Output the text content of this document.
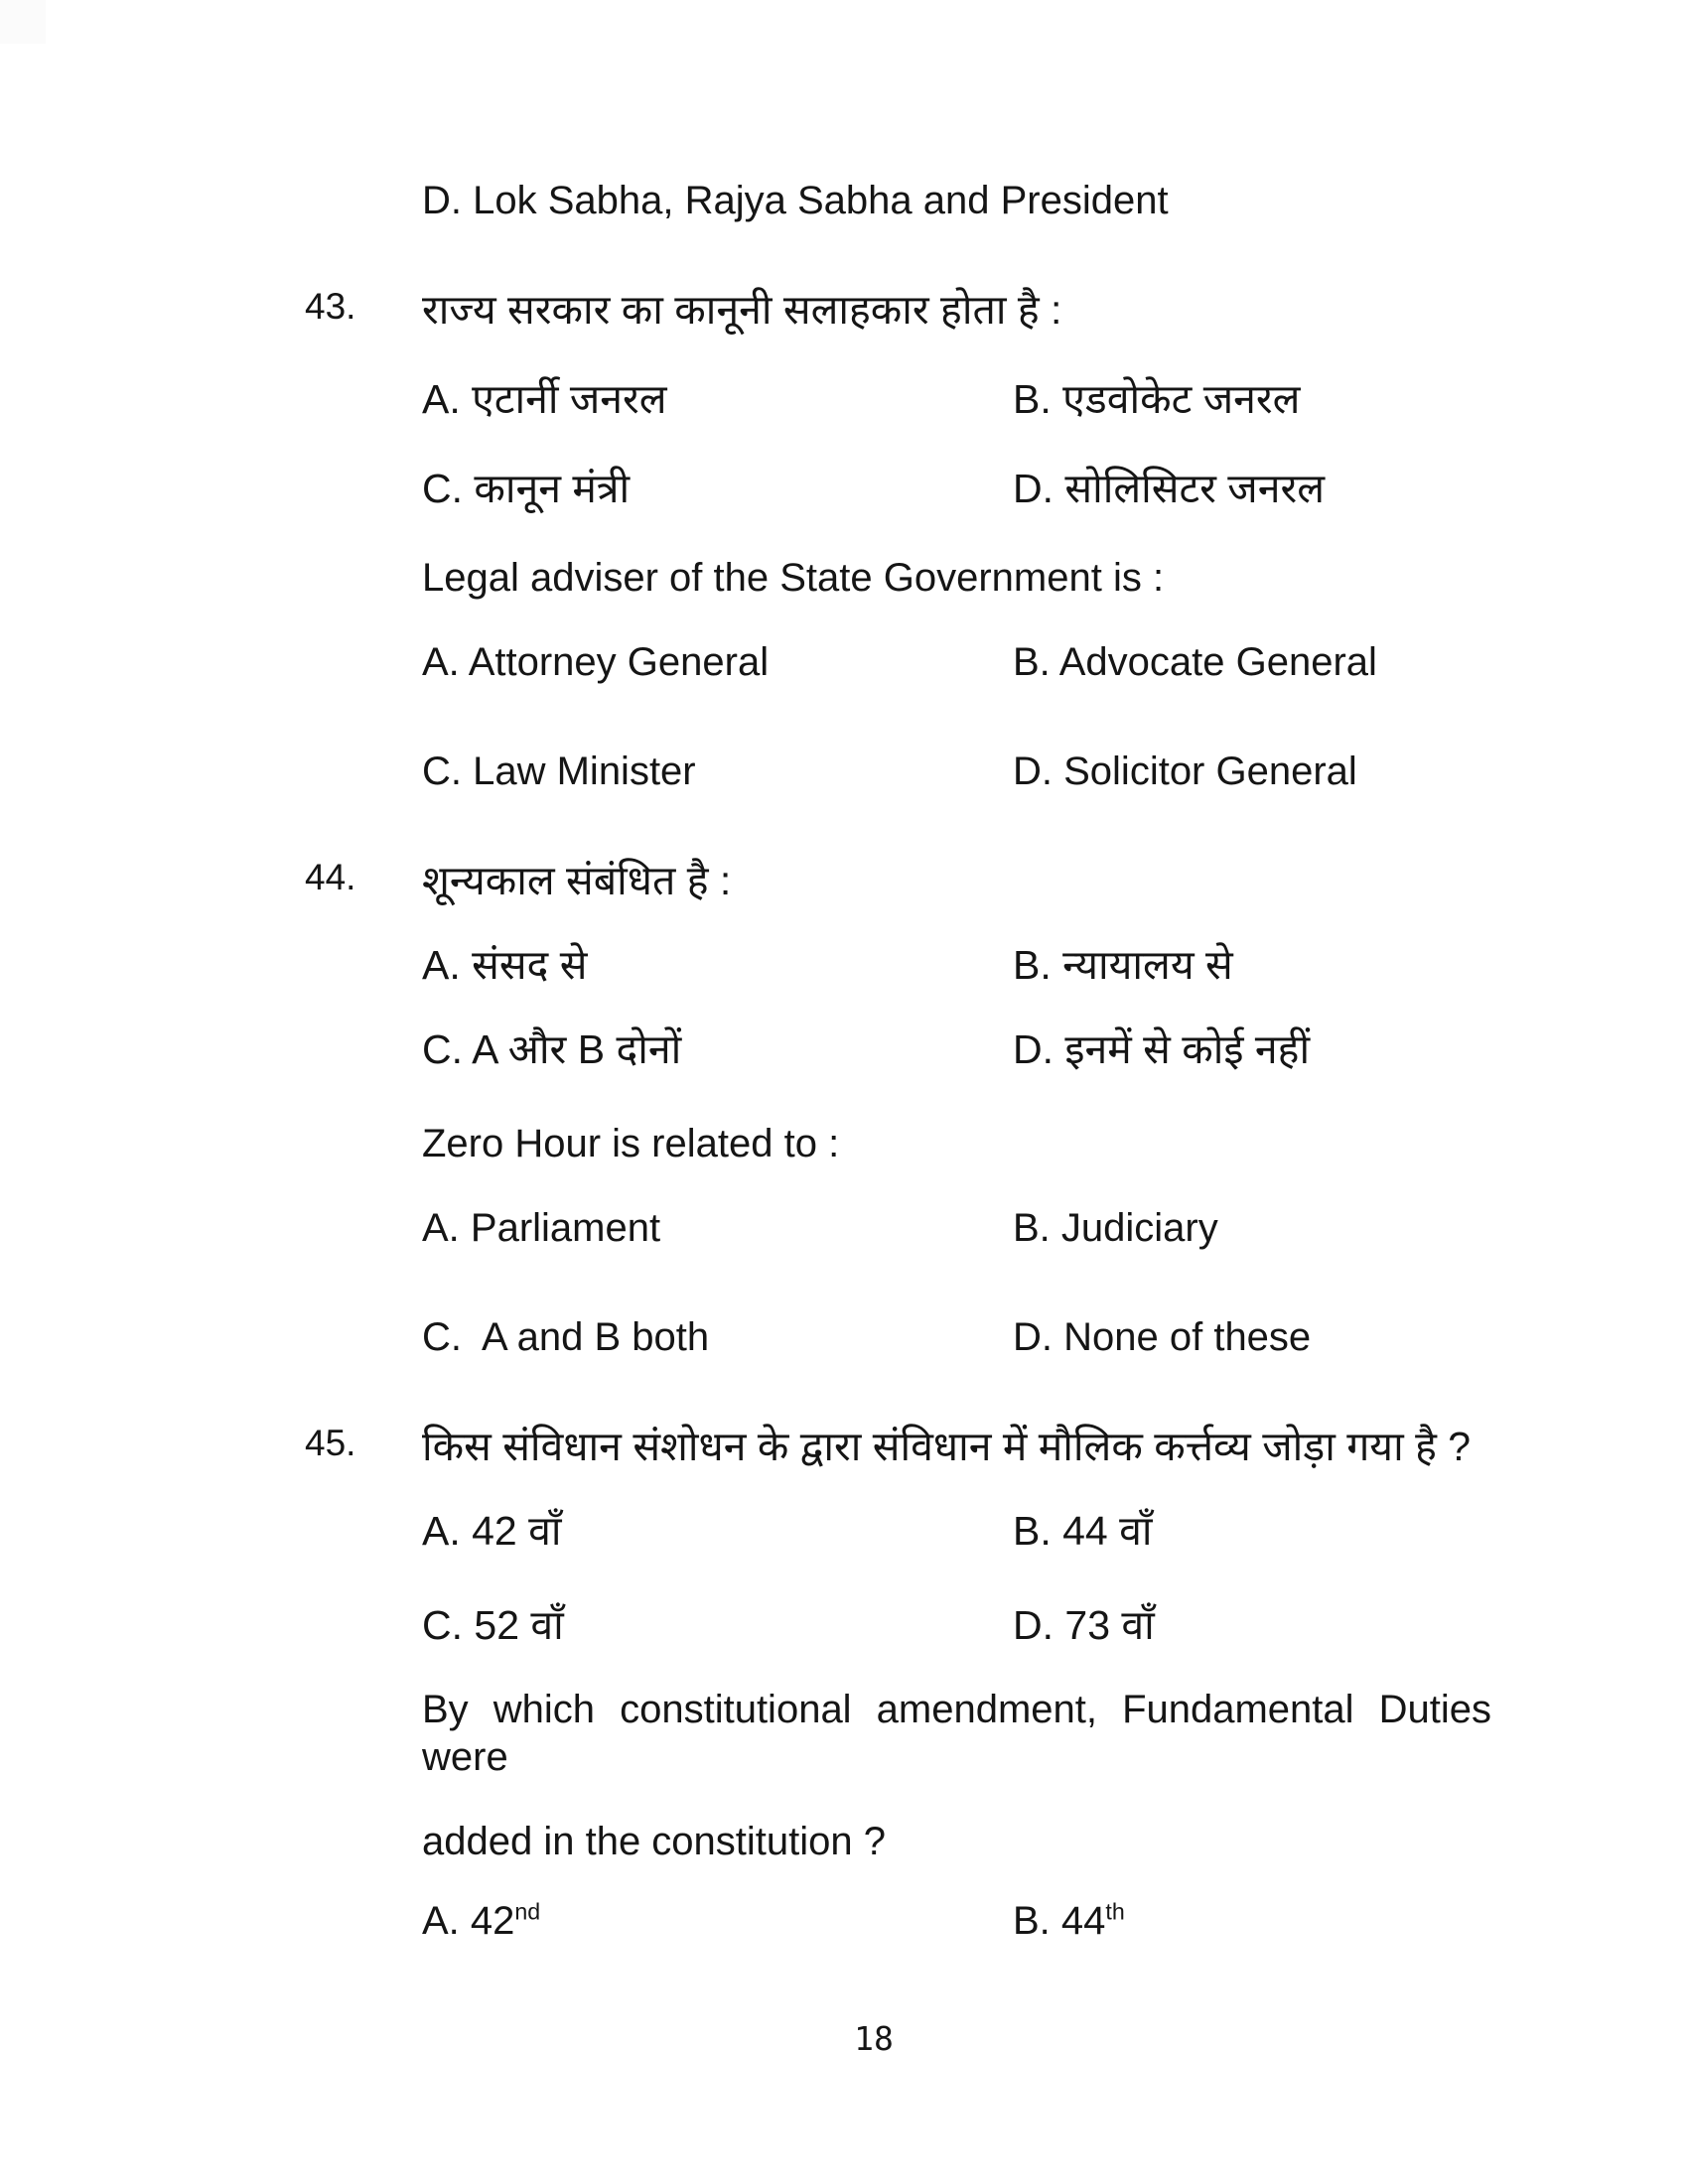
D. Lok Sabha, Rajya Sabha and President
43.	राज्य सरकार का कानूनी सलाहकार होता है :
A. एटार्नी जनरल	B. एडवोकेट जनरल
C. कानून मंत्री	D. सोलिसिटर जनरल
Legal adviser of the State Government is :
A. Attorney General	B. Advocate General
C. Law Minister	D. Solicitor General
44.	शून्यकाल संबंधित है :
A. संसद से	B. न्यायालय से
C. A और B दोनों	D. इनमें से कोई नहीं
Zero Hour is related to :
A. Parliament	B. Judiciary
C.  A and B both	D. None of these
45.	किस संविधान संशोधन के द्वारा संविधान में मौलिक कर्त्तव्य जोड़ा गया है ?
A. 42 वाँ	B. 44 वाँ
C. 52 वाँ	D. 73 वाँ
By which constitutional amendment, Fundamental Duties were
added in the constitution ?
A. 42nd	B. 44th
18
